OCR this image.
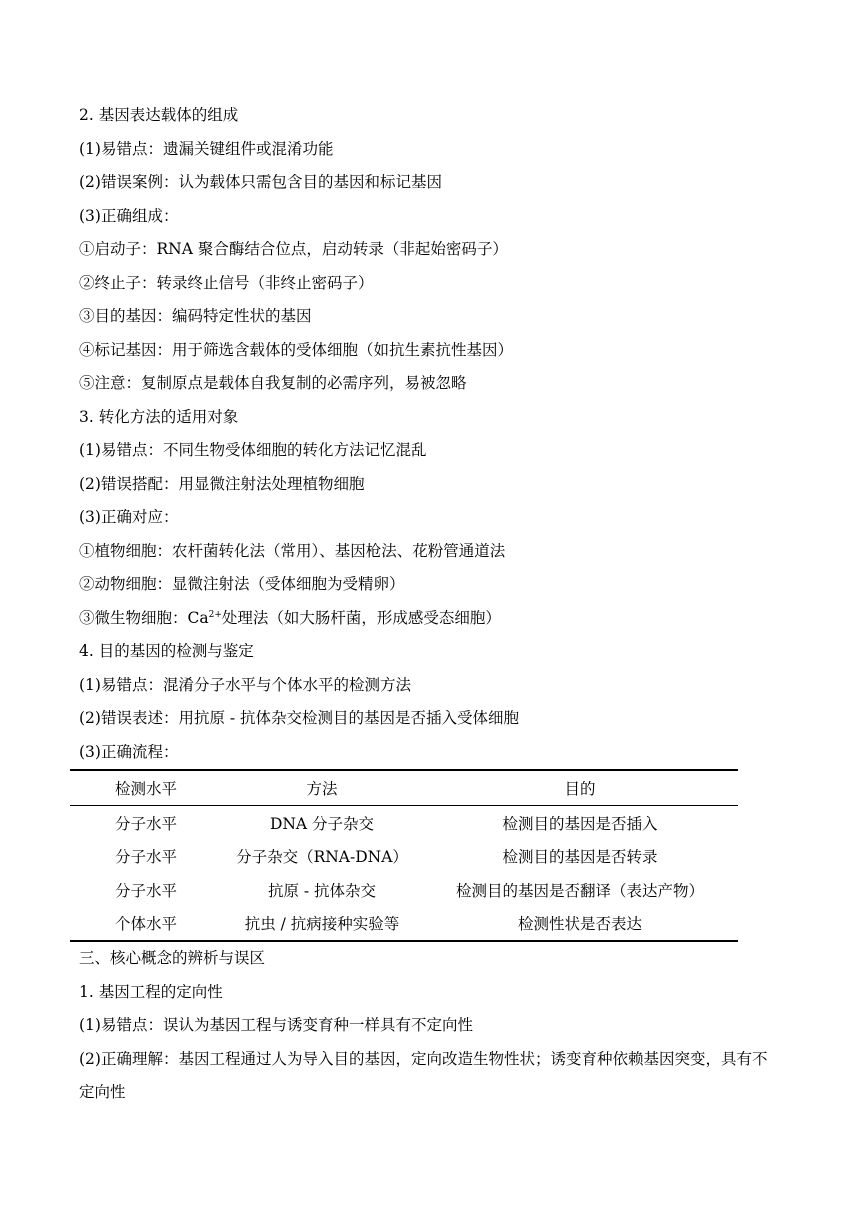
2. 基因表达载体的组成
(1)易错点：遗漏关键组件或混淆功能
(2)错误案例：认为载体只需包含目的基因和标记基因
(3)正确组成：
①启动子：RNA 聚合酶结合位点，启动转录（非起始密码子）
②终止子：转录终止信号（非终止密码子）
③目的基因：编码特定性状的基因
④标记基因：用于筛选含载体的受体细胞（如抗生素抗性基因）
⑤注意：复制原点是载体自我复制的必需序列，易被忽略
3. 转化方法的适用对象
(1)易错点：不同生物受体细胞的转化方法记忆混乱
(2)错误搭配：用显微注射法处理植物细胞
(3)正确对应：
①植物细胞：农杆菌转化法（常用）、基因枪法、花粉管通道法
②动物细胞：显微注射法（受体细胞为受精卵）
③微生物细胞：$Ca^{2+}$处理法（如大肠杆菌，形成感受态细胞）
4. 目的基因的检测与鉴定
(1)易错点：混淆分子水平与个体水平的检测方法
(2)错误表述：用抗原 - 抗体杂交检测目的基因是否插入受体细胞
(3)正确流程：
检测水平	方法	目的
分子水平	DNA 分子杂交	检测目的基因是否插入
分子水平	分子杂交（RNA-DNA）	检测目的基因是否转录
分子水平	抗原 - 抗体杂交	检测目的基因是否翻译（表达产物）
个体水平	抗虫 / 抗病接种实验等	检测性状是否表达
三、核心概念的辨析与误区
1. 基因工程的定向性
(1)易错点：误认为基因工程与诱变育种一样具有不定向性
(2)正确理解：基因工程通过人为导入目的基因，定向改造生物性状；诱变育种依赖基因突变，具有不定向性
